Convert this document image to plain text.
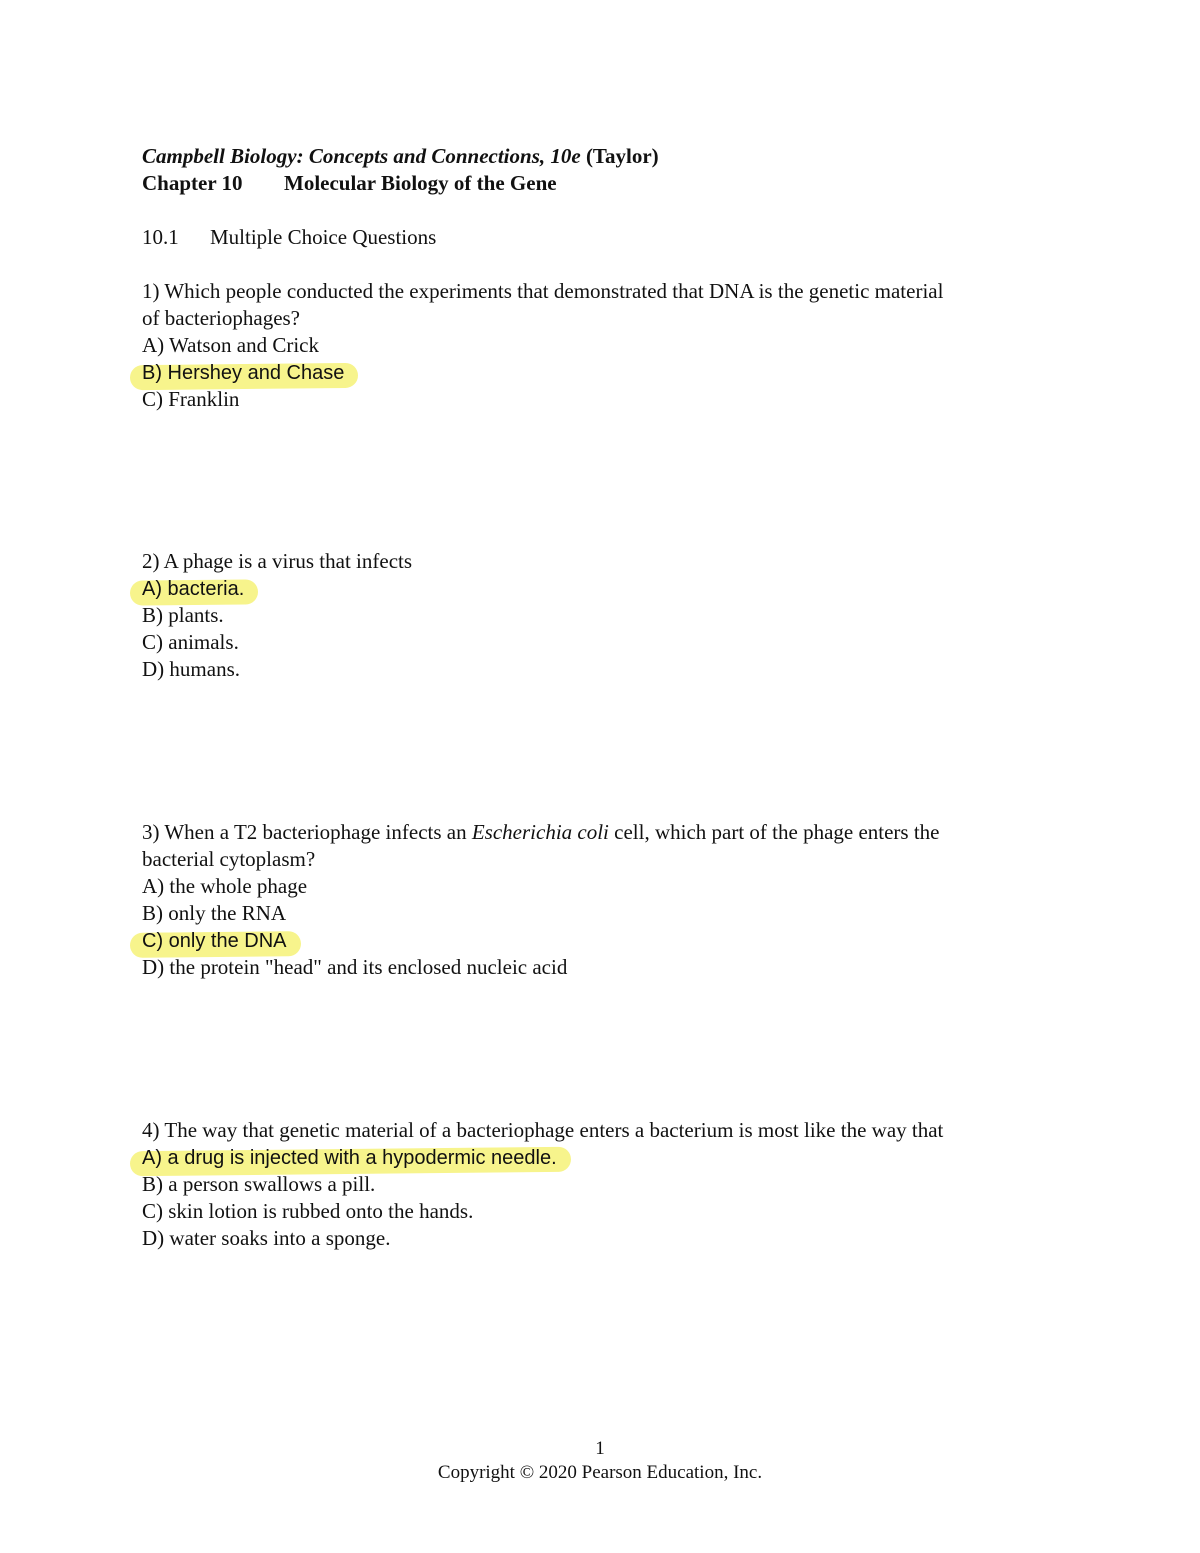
Campbell Biology: Concepts and Connections, 10e (Taylor)
Chapter 10 Molecular Biology of the Gene
10.1 Multiple Choice Questions
1) Which people conducted the experiments that demonstrated that DNA is the genetic material
of bacteriophages?
A) Watson and Crick
B) Hershey and Chase
C) Franklin
2) A phage is a virus that infects
A) bacteria.
B) plants.
C) animals.
D) humans.
3) When a T2 bacteriophage infects an Escherichia coli cell, which part of the phage enters the
bacterial cytoplasm?
A) the whole phage
B) only the RNA
C) only the DNA
D) the protein "head" and its enclosed nucleic acid
4) The way that genetic material of a bacteriophage enters a bacterium is most like the way that
A) a drug is injected with a hypodermic needle.
B) a person swallows a pill.
C) skin lotion is rubbed onto the hands.
D) water soaks into a sponge.
1
Copyright © 2020 Pearson Education, Inc.
